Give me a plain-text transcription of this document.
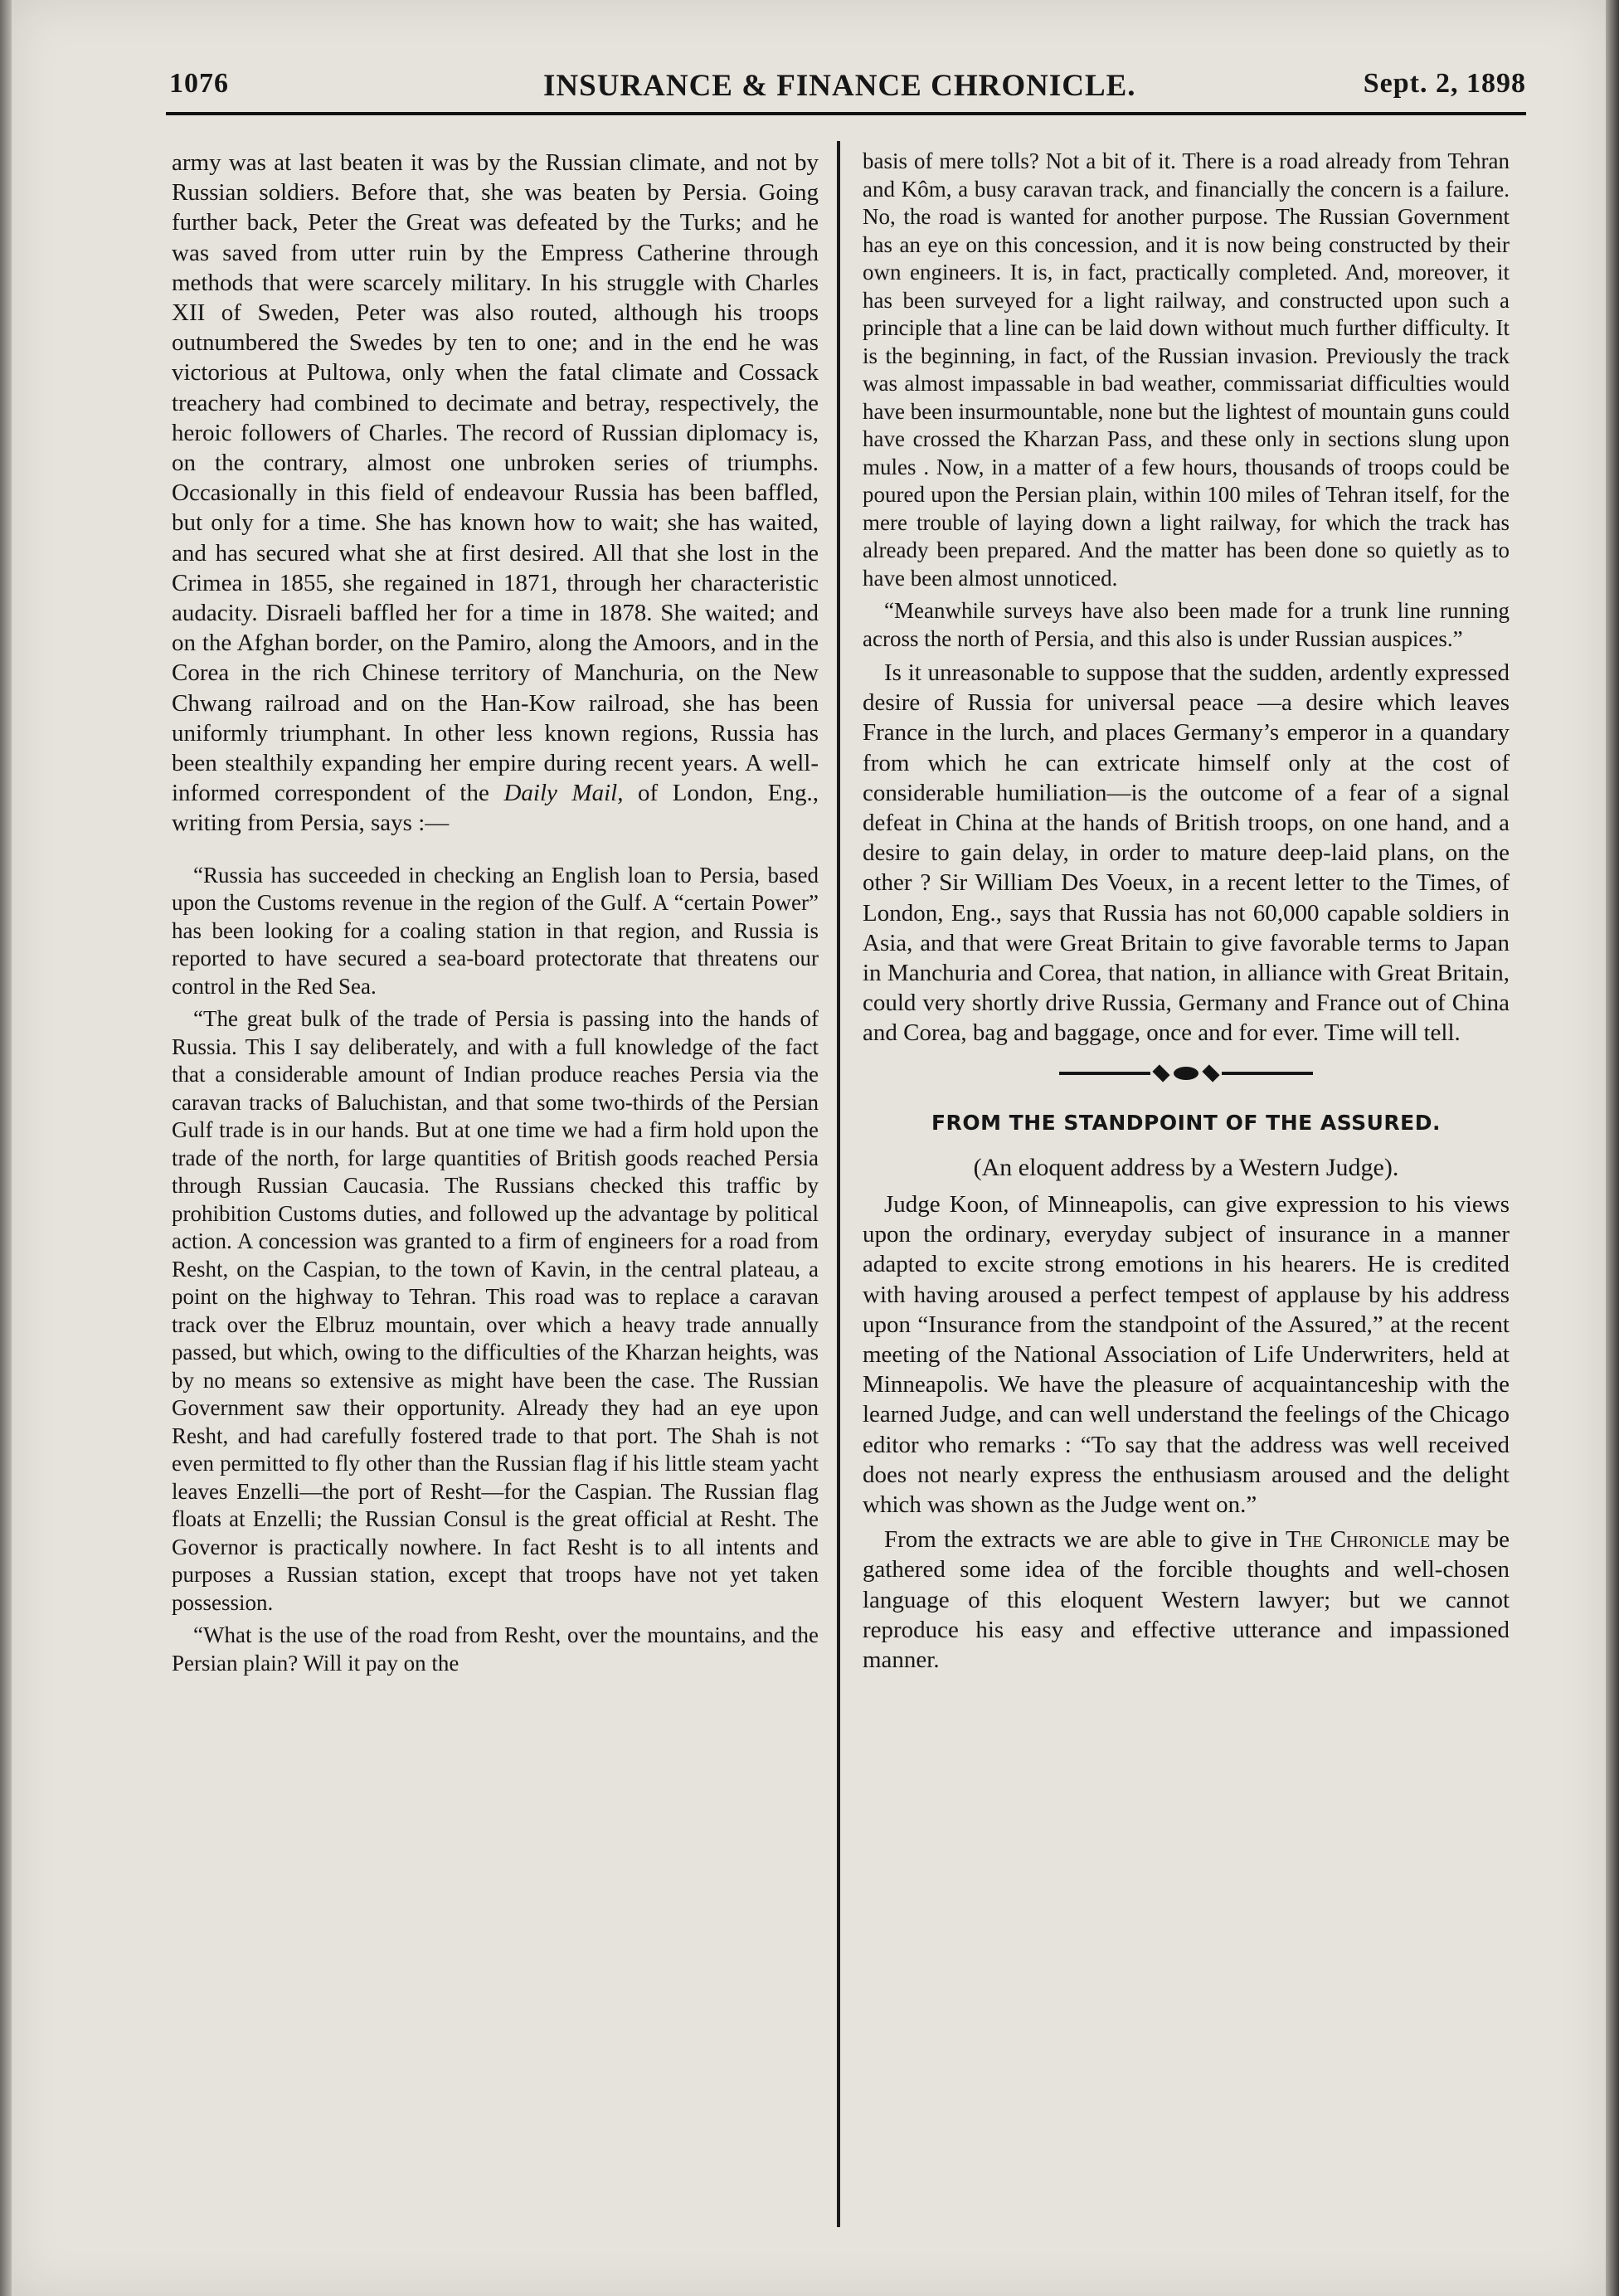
1076	INSURANCE & FINANCE CHRONICLE.	Sept. 2, 1898

army was at last beaten it was by the Russian climate, and not by Russian soldiers. Before that, she was beaten by Persia. Going further back, Peter the Great was defeated by the Turks; and he was saved from utter ruin by the Empress Catherine through methods that were scarcely military. In his struggle with Charles XII of Sweden, Peter was also routed, although his troops outnumbered the Swedes by ten to one; and in the end he was victorious at Pultowa, only when the fatal climate and Cossack treachery had combined to decimate and betray, respectively, the heroic followers of Charles. The record of Russian diplomacy is, on the contrary, almost one unbroken series of triumphs. Occasionally in this field of endeavour Russia has been baffled, but only for a time. She has known how to wait; she has waited, and has secured what she at first desired. All that she lost in the Crimea in 1855, she regained in 1871, through her characteristic audacity. Disraeli baffled her for a time in 1878. She waited; and on the Afghan border, on the Pamiro, along the Amoors, and in the Corea in the rich Chinese territory of Manchuria, on the New Chwang railroad and on the Han-Kow railroad, she has been uniformly triumphant. In other less known regions, Russia has been stealthily expanding her empire during recent years. A well-informed correspondent of the Daily Mail, of London, Eng., writing from Persia, says :—

“Russia has succeeded in checking an English loan to Persia, based upon the Customs revenue in the region of the Gulf. A “certain Power” has been looking for a coaling station in that region, and Russia is reported to have secured a sea-board protectorate that threatens our control in the Red Sea.

“The great bulk of the trade of Persia is passing into the hands of Russia. This I say deliberately, and with a full knowledge of the fact that a considerable amount of Indian produce reaches Persia via the caravan tracks of Baluchistan, and that some two-thirds of the Persian Gulf trade is in our hands. But at one time we had a firm hold upon the trade of the north, for large quantities of British goods reached Persia through Russian Caucasia. The Russians checked this traffic by prohibition Customs duties, and followed up the advantage by political action. A concession was granted to a firm of engineers for a road from Resht, on the Caspian, to the town of Kavin, in the central plateau, a point on the highway to Tehran. This road was to replace a caravan track over the Elbruz mountain, over which a heavy trade annually passed, but which, owing to the difficulties of the Kharzan heights, was by no means so extensive as might have been the case. The Russian Government saw their opportunity. Already they had an eye upon Resht, and had carefully fostered trade to that port. The Shah is not even permitted to fly other than the Russian flag if his little steam yacht leaves Enzelli—the port of Resht—for the Caspian. The Russian flag floats at Enzelli; the Russian Consul is the great official at Resht. The Governor is practically nowhere. In fact Resht is to all intents and purposes a Russian station, except that troops have not yet taken possession.

“What is the use of the road from Resht, over the mountains, and the Persian plain? Will it pay on the

basis of mere tolls? Not a bit of it. There is a road already from Tehran and Kôm, a busy caravan track, and financially the concern is a failure. No, the road is wanted for another purpose. The Russian Government has an eye on this concession, and it is now being constructed by their own engineers. It is, in fact, practically completed. And, moreover, it has been surveyed for a light railway, and constructed upon such a principle that a line can be laid down without much further difficulty. It is the beginning, in fact, of the Russian invasion. Previously the track was almost impassable in bad weather, commissariat difficulties would have been insurmountable, none but the lightest of mountain guns could have crossed the Kharzan Pass, and these only in sections slung upon mules . Now, in a matter of a few hours, thousands of troops could be poured upon the Persian plain, within 100 miles of Tehran itself, for the mere trouble of laying down a light railway, for which the track has already been prepared. And the matter has been done so quietly as to have been almost unnoticed.

“Meanwhile surveys have also been made for a trunk line running across the north of Persia, and this also is under Russian auspices.”

Is it unreasonable to suppose that the sudden, ardently expressed desire of Russia for universal peace —a desire which leaves France in the lurch, and places Germany’s emperor in a quandary from which he can extricate himself only at the cost of considerable humiliation—is the outcome of a fear of a signal defeat in China at the hands of British troops, on one hand, and a desire to gain delay, in order to mature deep-laid plans, on the other ? Sir William Des Voeux, in a recent letter to the Times, of London, Eng., says that Russia has not 60,000 capable soldiers in Asia, and that were Great Britain to give favorable terms to Japan in Manchuria and Corea, that nation, in alliance with Great Britain, could very shortly drive Russia, Germany and France out of China and Corea, bag and baggage, once and for ever. Time will tell.

FROM THE STANDPOINT OF THE ASSURED.
(An eloquent address by a Western Judge).

Judge Koon, of Minneapolis, can give expression to his views upon the ordinary, everyday subject of insurance in a manner adapted to excite strong emotions in his hearers. He is credited with having aroused a perfect tempest of applause by his address upon “Insurance from the standpoint of the Assured,” at the recent meeting of the National Association of Life Underwriters, held at Minneapolis. We have the pleasure of acquaintanceship with the learned Judge, and can well understand the feelings of the Chicago editor who remarks : “To say that the address was well received does not nearly express the enthusiasm aroused and the delight which was shown as the Judge went on.”

From the extracts we are able to give in The Chronicle may be gathered some idea of the forcible thoughts and well-chosen language of this eloquent Western lawyer; but we cannot reproduce his easy and effective utterance and impassioned manner.
